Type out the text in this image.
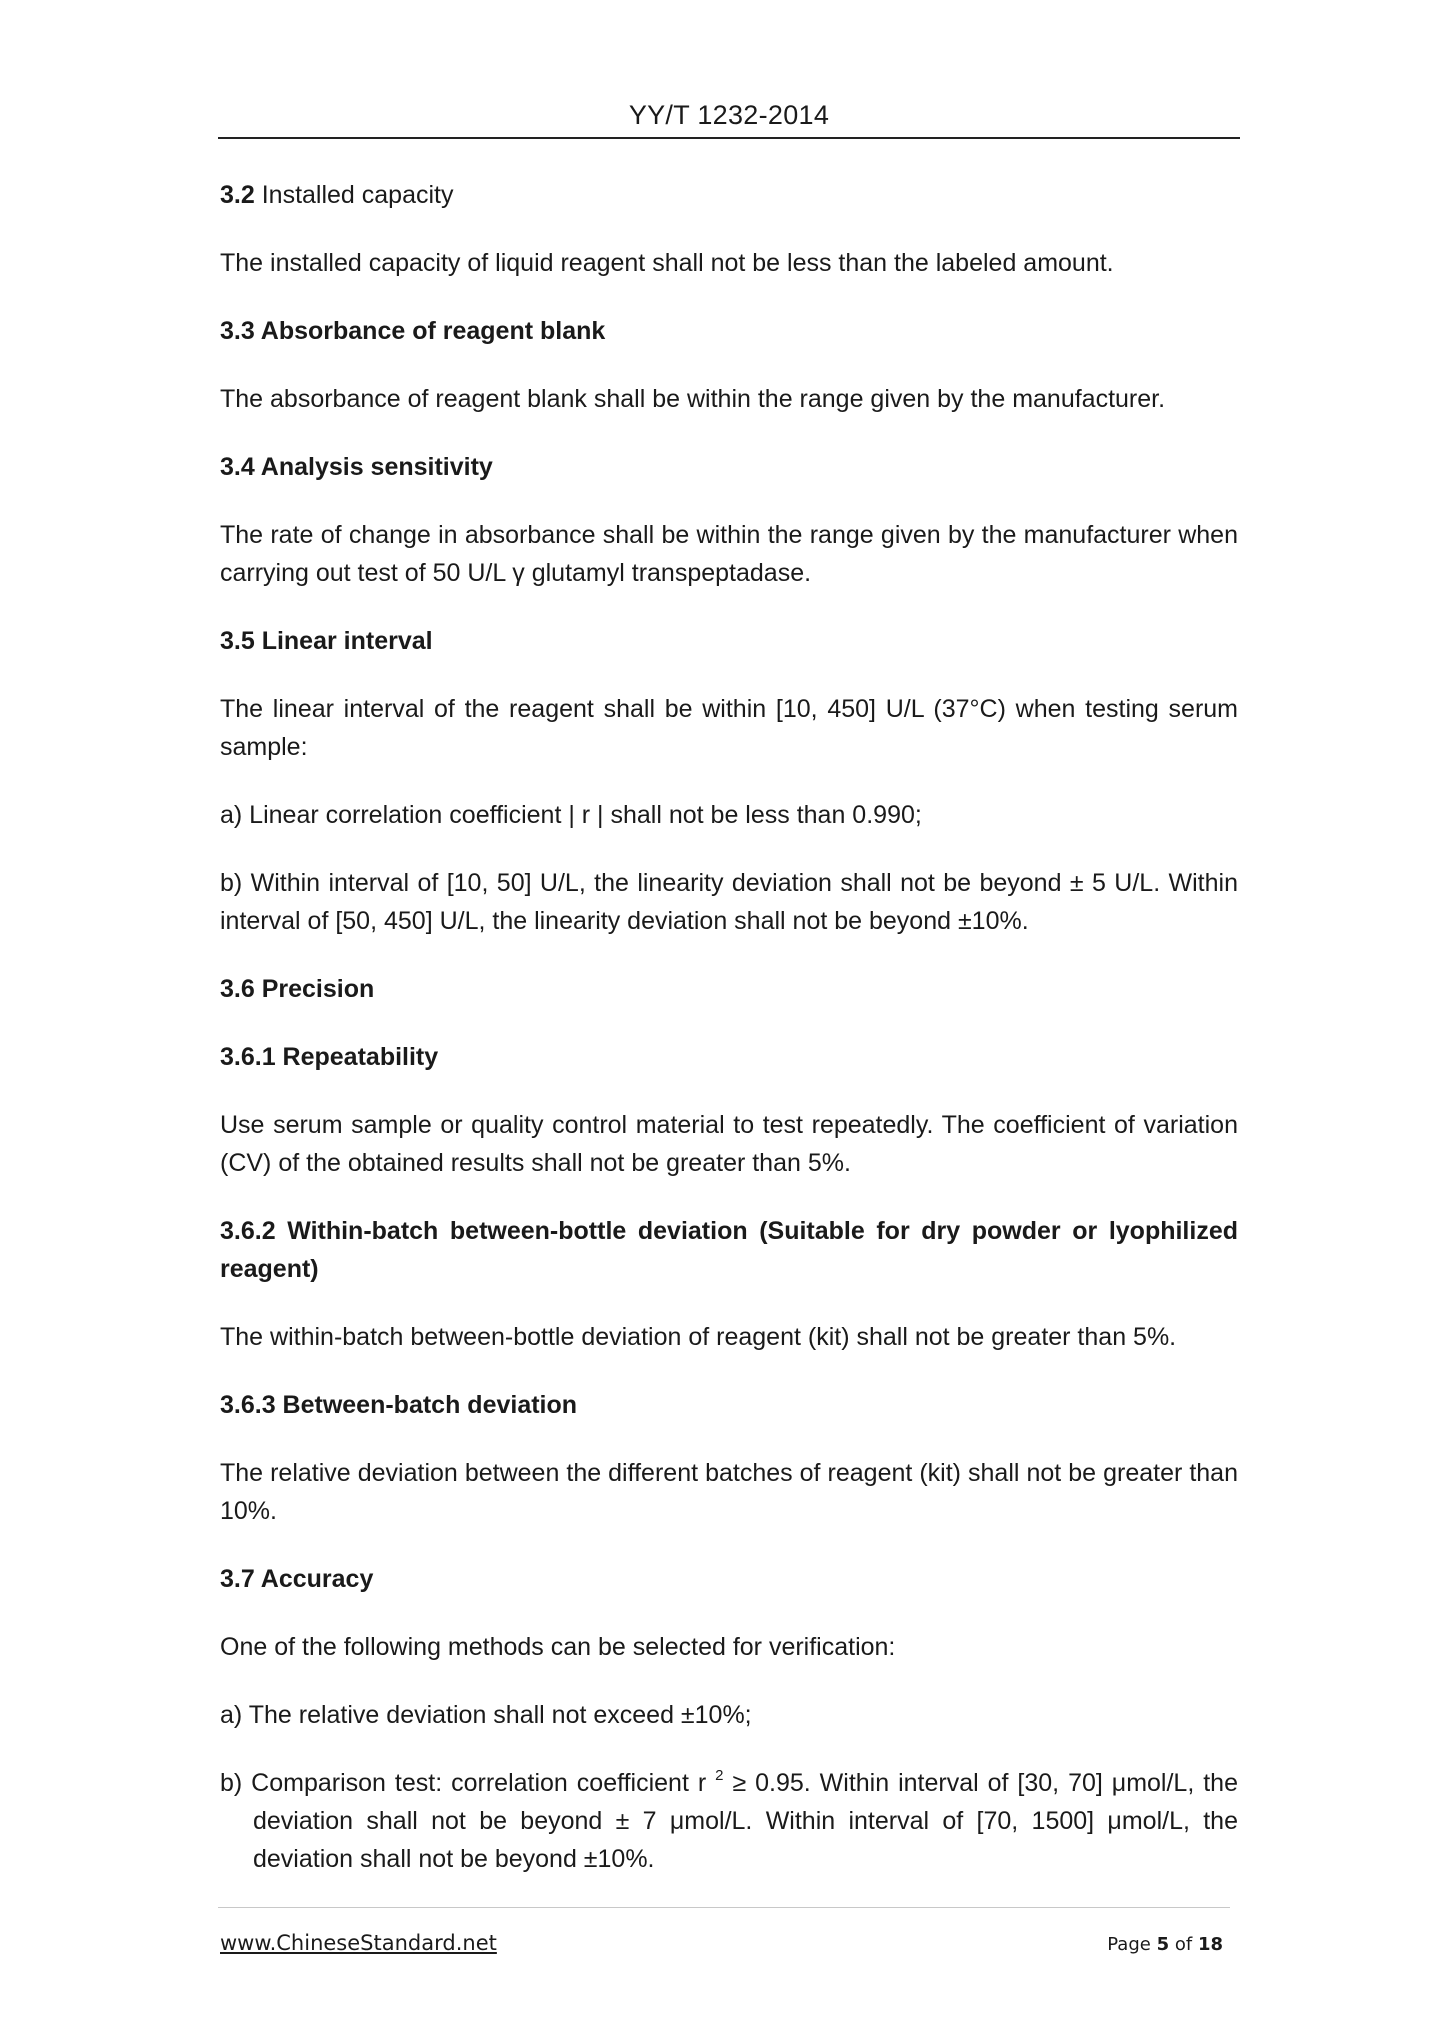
YY/T 1232-2014

3.2 Installed capacity

The installed capacity of liquid reagent shall not be less than the labeled amount.

3.3 Absorbance of reagent blank

The absorbance of reagent blank shall be within the range given by the manufacturer.

3.4 Analysis sensitivity

The rate of change in absorbance shall be within the range given by the manufacturer when carrying out test of 50 U/L γ glutamyl transpeptadase.

3.5 Linear interval

The linear interval of the reagent shall be within [10, 450] U/L (37°C) when testing serum sample:

a) Linear correlation coefficient | r | shall not be less than 0.990;

b) Within interval of [10, 50] U/L, the linearity deviation shall not be beyond ± 5 U/L. Within interval of [50, 450] U/L, the linearity deviation shall not be beyond ±10%.

3.6 Precision

3.6.1 Repeatability

Use serum sample or quality control material to test repeatedly. The coefficient of variation (CV) of the obtained results shall not be greater than 5%.

3.6.2 Within-batch between-bottle deviation (Suitable for dry powder or lyophilized reagent)

The within-batch between-bottle deviation of reagent (kit) shall not be greater than 5%.

3.6.3 Between-batch deviation

The relative deviation between the different batches of reagent (kit) shall not be greater than 10%.

3.7 Accuracy

One of the following methods can be selected for verification:

a) The relative deviation shall not exceed ±10%;

b) Comparison test: correlation coefficient r $^2$ ≥ 0.95. Within interval of [30, 70] μmol/L, the deviation shall not be beyond ± 7 μmol/L. Within interval of [70, 1500] μmol/L, the deviation shall not be beyond ±10%.

www.ChineseStandard.net	Page 5 of 18
